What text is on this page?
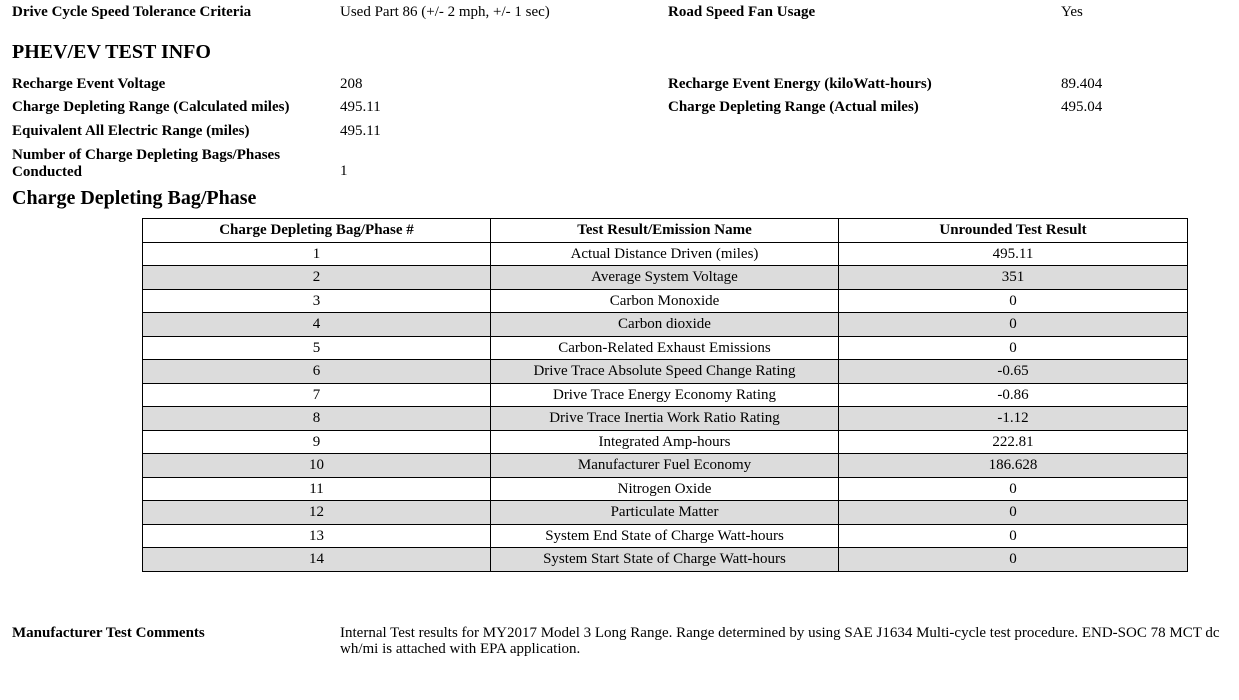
Drive Cycle Speed Tolerance Criteria	Used Part 86 (+/- 2 mph, +/- 1 sec)	Road Speed Fan Usage	Yes
PHEV/EV TEST INFO
Recharge Event Voltage	208	Recharge Event Energy (kiloWatt-hours)	89.404
Charge Depleting Range (Calculated miles)	495.11	Charge Depleting Range (Actual miles)	495.04
Equivalent All Electric Range (miles)	495.11
Number of Charge Depleting Bags/Phases
Conducted	1
Charge Depleting Bag/Phase
Charge Depleting Bag/Phase #	Test Result/Emission Name	Unrounded Test Result
1	Actual Distance Driven (miles)	495.11
2	Average System Voltage	351
3	Carbon Monoxide	0
4	Carbon dioxide	0
5	Carbon-Related Exhaust Emissions	0
6	Drive Trace Absolute Speed Change Rating	-0.65
7	Drive Trace Energy Economy Rating	-0.86
8	Drive Trace Inertia Work Ratio Rating	-1.12
9	Integrated Amp-hours	222.81
10	Manufacturer Fuel Economy	186.628
11	Nitrogen Oxide	0
12	Particulate Matter	0
13	System End State of Charge Watt-hours	0
14	System Start State of Charge Watt-hours	0
Manufacturer Test Comments	Internal Test results for MY2017 Model 3 Long Range. Range determined by using SAE J1634 Multi-cycle test procedure. END-SOC 78 MCT dc wh/mi is attached with EPA application.
